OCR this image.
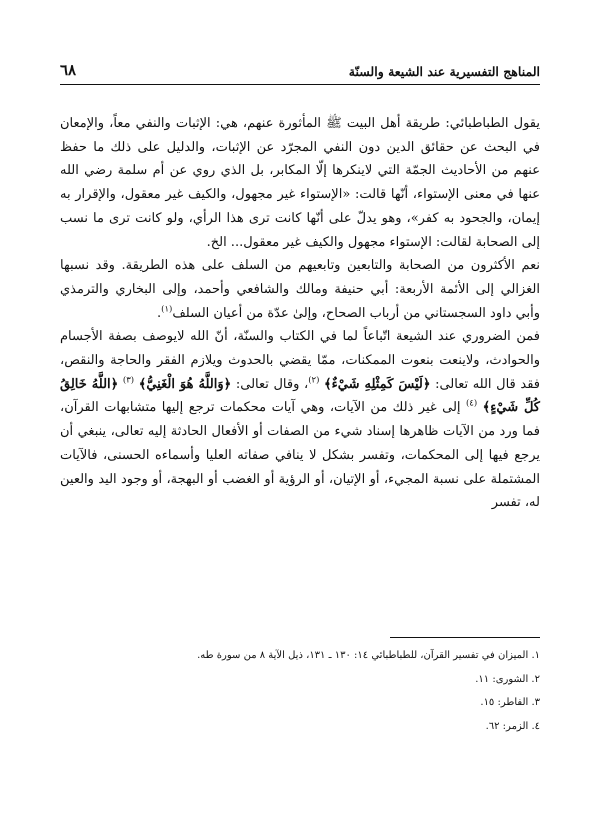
المناهج التفسيرية عند الشيعة والسنّة
٦٨

يقول الطباطبائي: طريقة أهل البيت ﷺ المأثورة عنهم، هي: الإثبات والنفي معاً، والإمعان في البحث عن حقائق الدين دون النفي المجرّد عن الإثبات، والدليل على ذلك ما حفظ عنهم من الأحاديث الجمّة التي لاينكرها إلّا المكابر، بل الذي روي عن أم سلمة رضي الله عنها في معنى الإستواء، أنّها قالت: «الإستواء غير مجهول، والكيف غير معقول، والإقرار به إيمان، والجحود به كفر»، وهو يدلّ على أنّها كانت ترى هذا الرأي، ولو كانت ترى ما نسب إلى الصحابة لقالت: الإستواء مجهول والكيف غير معقول... الخ.

نعم الأكثرون من الصحابة والتابعين وتابعيهم من السلف على هذه الطريقة. وقد نسبها الغزالي إلى الأئمة الأربعة: أبي حنيفة ومالك والشافعي وأحمد، وإلى البخاري والترمذي وأبي داود السجستاني من أرباب الصحاح، وإلىٰ عدّة من أعيان السلف$^{(١)}$.

فمن الضروري عند الشيعة اتّباعاً لما في الكتاب والسنّة، أنّ الله لايوصف بصفة الأجسام والحوادث، ولاينعت بنعوت الممكنات، ممّا يقضي بالحدوث ويلازم الفقر والحاجة والنقص، فقد قال الله تعالى: ﴿لَيْسَ كَمِثْلِهِ شَيْءٌ﴾ $^{(٢)}$، وقال تعالى: ﴿وَاللَّهُ هُوَ الْغَنِيُّ﴾ $^{(٣)}$ ﴿اللَّهُ خَالِقُ كُلِّ شَيْءٍ﴾ $^{(٤)}$ إلى غير ذلك من الآيات، وهي آيات محكمات ترجع إليها متشابهات القرآن، فما ورد من الآيات ظاهرها إسناد شيء من الصفات أو الأفعال الحادثة إليه تعالى، ينبغي أن يرجع فيها إلى المحكمات، وتفسر بشكل لا ينافي صفاته العليا وأسماءه الحسنى، فالآيات المشتملة على نسبة المجيء، أو الإتيان، أو الرؤية أو الغضب أو البهجة، أو وجود اليد والعين له، تفسر

١. الميزان في تفسير القرآن، للطباطبائي ١٤: ١٣٠ ـ ١٣١، ذيل الآية ٨ من سورة طه.
٢. الشورى: ١١.
٣. الفاطر: ١٥.
٤. الزمر: ٦٢.
